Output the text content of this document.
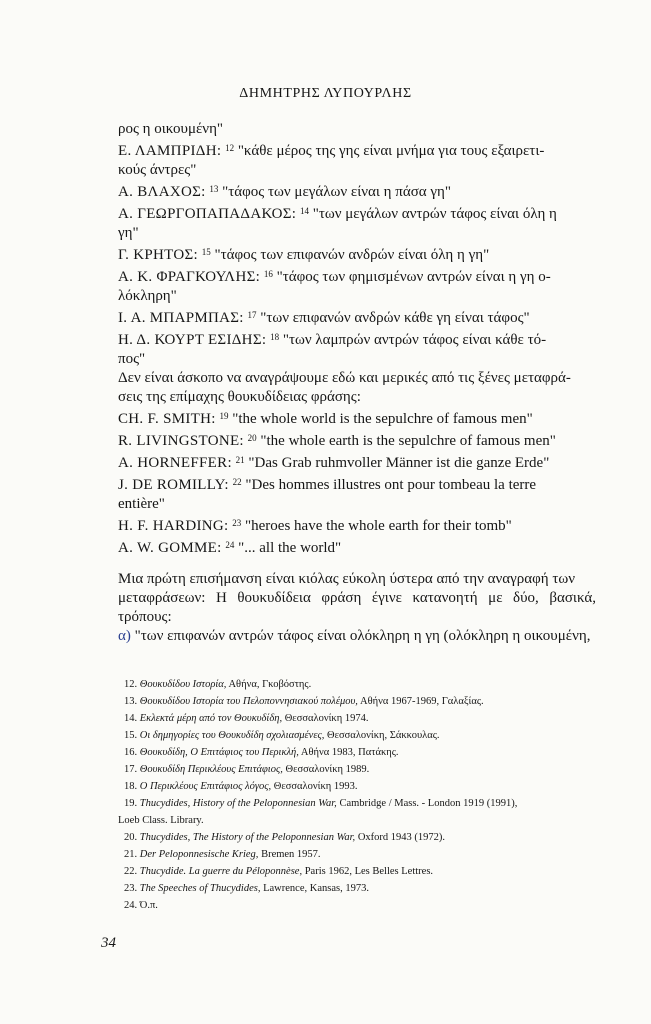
ΔΗΜΗΤΡΗΣ ΛΥΠΟΥΡΛΗΣ

ρος η οικουμένη"

Ε. ΛΑΜΠΡΙΔΗ: $^{12}$ "κάθε μέρος της γης είναι μνήμα για τους εξαιρετι-

κούς άντρες"

Α. ΒΛΑΧΟΣ: $^{13}$ "τάφος των μεγάλων είναι η πάσα γη"

Α. ΓΕΩΡΓΟΠΑΠΑΔΑΚΟΣ: $^{14}$ "των μεγάλων αντρών τάφος είναι όλη η

γη"

Γ. ΚΡΗΤΟΣ: $^{15}$ "τάφος των επιφανών ανδρών είναι όλη η γη"

Α. Κ. ΦΡΑΓΚΟΥΛΗΣ: $^{16}$ "τάφος των φημισμένων αντρών είναι η γη ο-

λόκληρη"

Ι. Α. ΜΠΑΡΜΠΑΣ: $^{17}$ "των επιφανών ανδρών κάθε γη είναι τάφος"

Η. Δ. ΚΟΥΡΤ ΕΣΙΔΗΣ: $^{18}$ "των λαμπρών αντρών τάφος είναι κάθε τό-

πος"

Δεν είναι άσκοπο να αναγράψουμε εδώ και μερικές από τις ξένες μεταφρά-

σεις της επίμαχης θουκυδίδειας φράσης:

CH. F. SMITH: $^{19}$ "the whole world is the sepulchre of famous men"

R. LIVINGSTONE: $^{20}$ "the whole earth is the sepulchre of famous men"

A. HORNEFFER: $^{21}$ "Das Grab ruhmvoller Männer ist die ganze Erde"

J. DE ROMILLY: $^{22}$ "Des hommes illustres ont pour tombeau la terre

entière"

H. F. HARDING: $^{23}$ "heroes have the whole earth for their tomb"

A. W. GOMME: $^{24}$ "... all the world"

Μια πρώτη επισήμανση είναι κιόλας εύκολη ύστερα από την αναγραφή των

μεταφράσεων: Η θουκυδίδεια φράση έγινε κατανοητή με δύο, βασικά, τρόπους:

α) "των επιφανών αντρών τάφος είναι ολόκληρη η γη (ολόκληρη η οικουμένη,

12. Θουκυδίδου Ιστορία, Αθήνα, Γκοβόστης.
13. Θουκυδίδου Ιστορία του Πελοποννησιακού πολέμου, Αθήνα 1967-1969, Γαλαξίας.
14. Εκλεκτά μέρη από τον Θουκυδίδη, Θεσσαλονίκη 1974.
15. Οι δημηγορίες του Θουκυδίδη σχολιασμένες, Θεσσαλονίκη, Σάκκουλας.
16. Θουκυδίδη, Ο Επιτάφιος του Περικλή, Αθήνα 1983, Πατάκης.
17. Θουκυδίδη Περικλέους Επιτάφιος, Θεσσαλονίκη 1989.
18. Ο Περικλέους Επιτάφιος λόγος, Θεσσαλονίκη 1993.
19. Thucydides, History of the Peloponnesian War, Cambridge / Mass. - London 1919 (1991),
Loeb Class. Library.
20. Thucydides, The History of the Peloponnesian War, Oxford 1943 (1972).
21. Der Peloponnesische Krieg, Bremen 1957.
22. Thucydide. La guerre du Péloponnèse, Paris 1962, Les Belles Lettres.
23. The Speeches of Thucydides, Lawrence, Kansas, 1973.
24. Ό.π.
34
